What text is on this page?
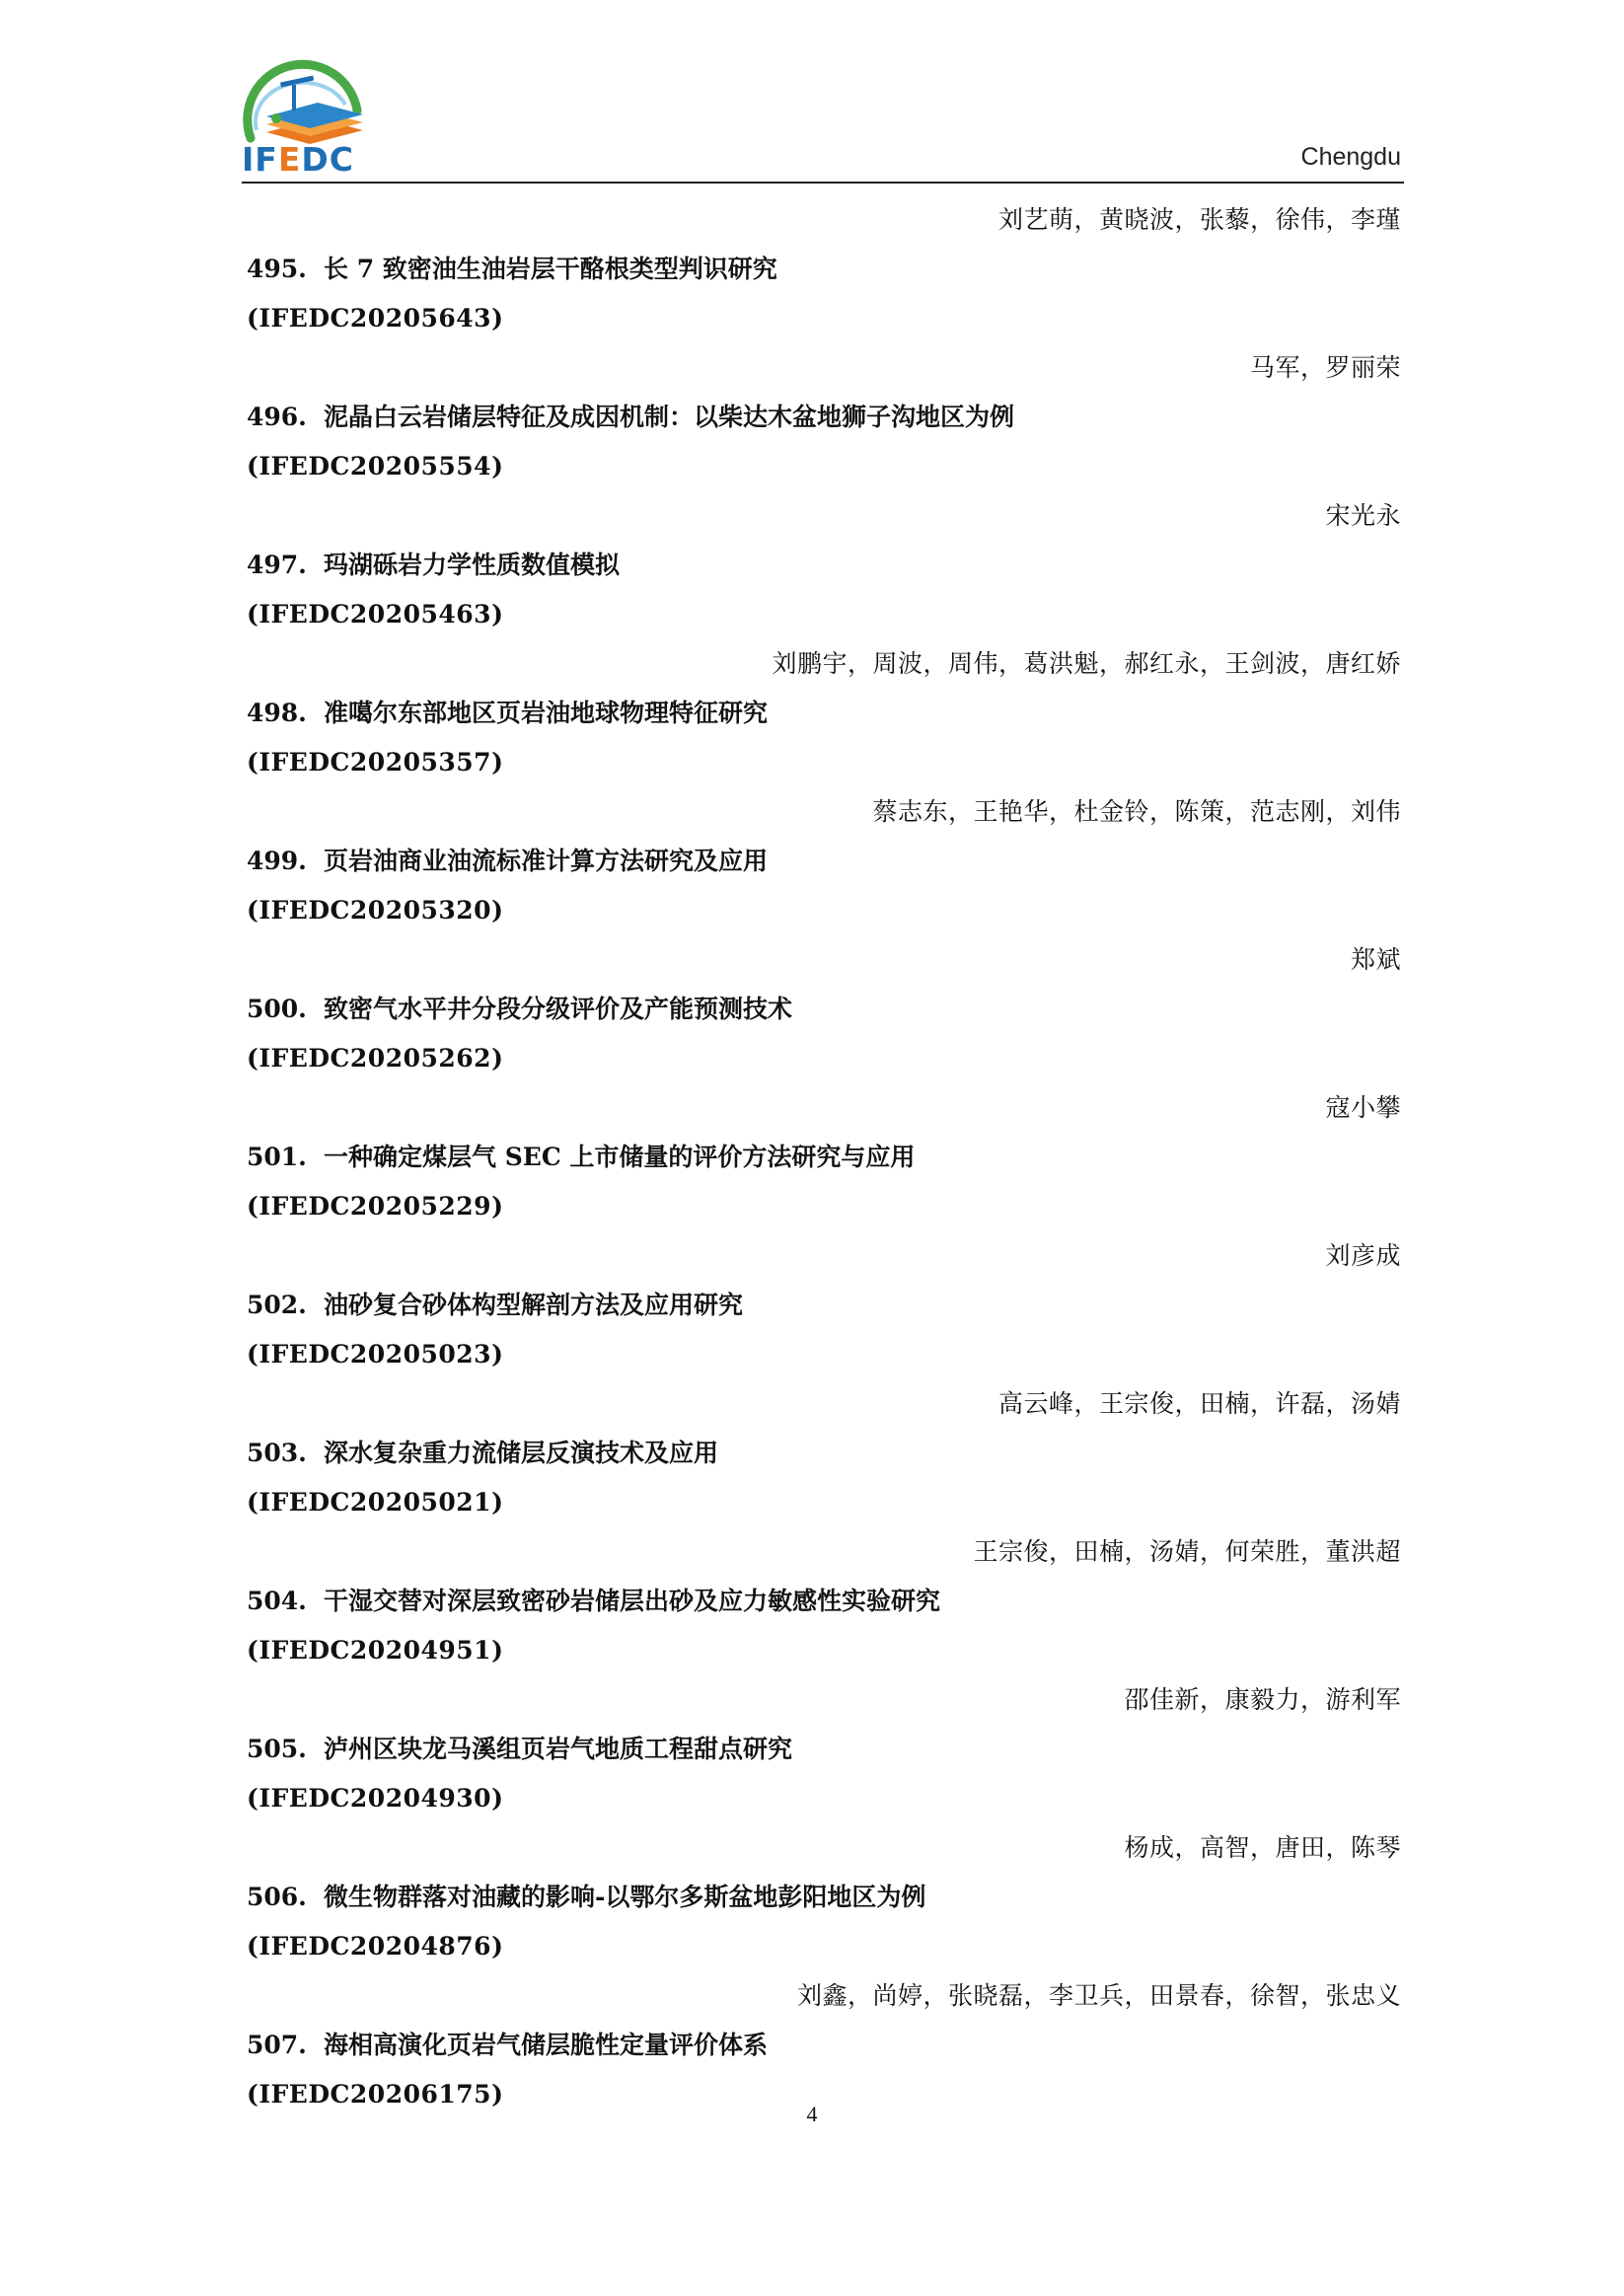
IFEDC	Chengdu
刘艺萌，黄晓波，张藜，徐伟，李瑾
495. 长 7 致密油生油岩层干酪根类型判识研究
(IFEDC20205643)
马军，罗丽荣
496. 泥晶白云岩储层特征及成因机制：以柴达木盆地狮子沟地区为例
(IFEDC20205554)
宋光永
497. 玛湖砾岩力学性质数值模拟
(IFEDC20205463)
刘鹏宇，周波，周伟，葛洪魁，郝红永，王剑波，唐红娇
498. 准噶尔东部地区页岩油地球物理特征研究
(IFEDC20205357)
蔡志东，王艳华，杜金铃，陈策，范志刚，刘伟
499. 页岩油商业油流标准计算方法研究及应用
(IFEDC20205320)
郑斌
500. 致密气水平井分段分级评价及产能预测技术
(IFEDC20205262)
寇小攀
501. 一种确定煤层气 SEC 上市储量的评价方法研究与应用
(IFEDC20205229)
刘彦成
502. 油砂复合砂体构型解剖方法及应用研究
(IFEDC20205023)
高云峰，王宗俊，田楠，许磊，汤婧
503. 深水复杂重力流储层反演技术及应用
(IFEDC20205021)
王宗俊，田楠，汤婧，何荣胜，董洪超
504. 干湿交替对深层致密砂岩储层出砂及应力敏感性实验研究
(IFEDC20204951)
邵佳新，康毅力，游利军
505. 泸州区块龙马溪组页岩气地质工程甜点研究
(IFEDC20204930)
杨成，高智，唐田，陈琴
506. 微生物群落对油藏的影响-以鄂尔多斯盆地彭阳地区为例
(IFEDC20204876)
刘鑫，尚婷，张晓磊，李卫兵，田景春，徐智，张忠义
507. 海相高演化页岩气储层脆性定量评价体系
(IFEDC20206175)
4
